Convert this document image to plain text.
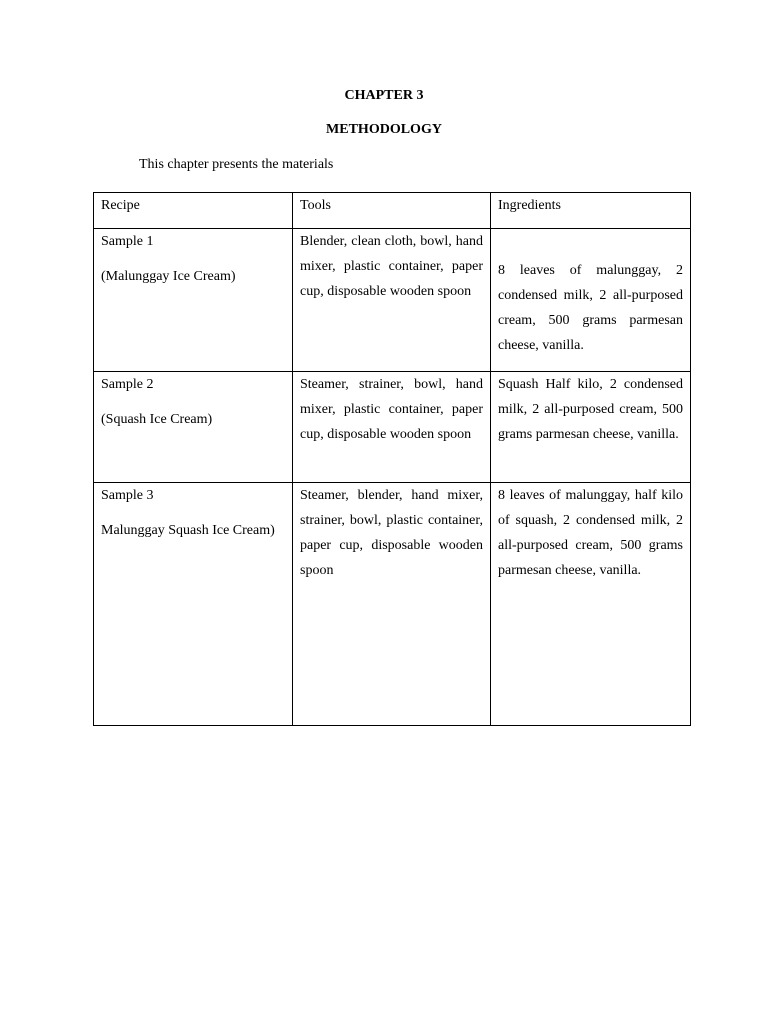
CHAPTER 3

METHODOLOGY

This chapter presents the materials

Recipe	Tools	Ingredients

Sample 1

(Malunggay Ice Cream)	Blender, clean cloth, bowl, hand mixer, plastic container, paper cup, disposable wooden spoon	8 leaves of malunggay, 2 condensed milk, 2 all-purposed cream, 500 grams parmesan cheese, vanilla.

Sample 2

(Squash Ice Cream)	Steamer, strainer, bowl, hand mixer, plastic container, paper cup, disposable wooden spoon	Squash Half kilo, 2 condensed milk, 2 all-purposed cream, 500 grams parmesan cheese, vanilla.

Sample 3

Malunggay Squash Ice Cream)	Steamer, blender, hand mixer, strainer, bowl, plastic container, paper cup, disposable wooden spoon	8 leaves of malunggay, half kilo of squash, 2 condensed milk, 2 all-purposed cream, 500 grams parmesan cheese, vanilla.
